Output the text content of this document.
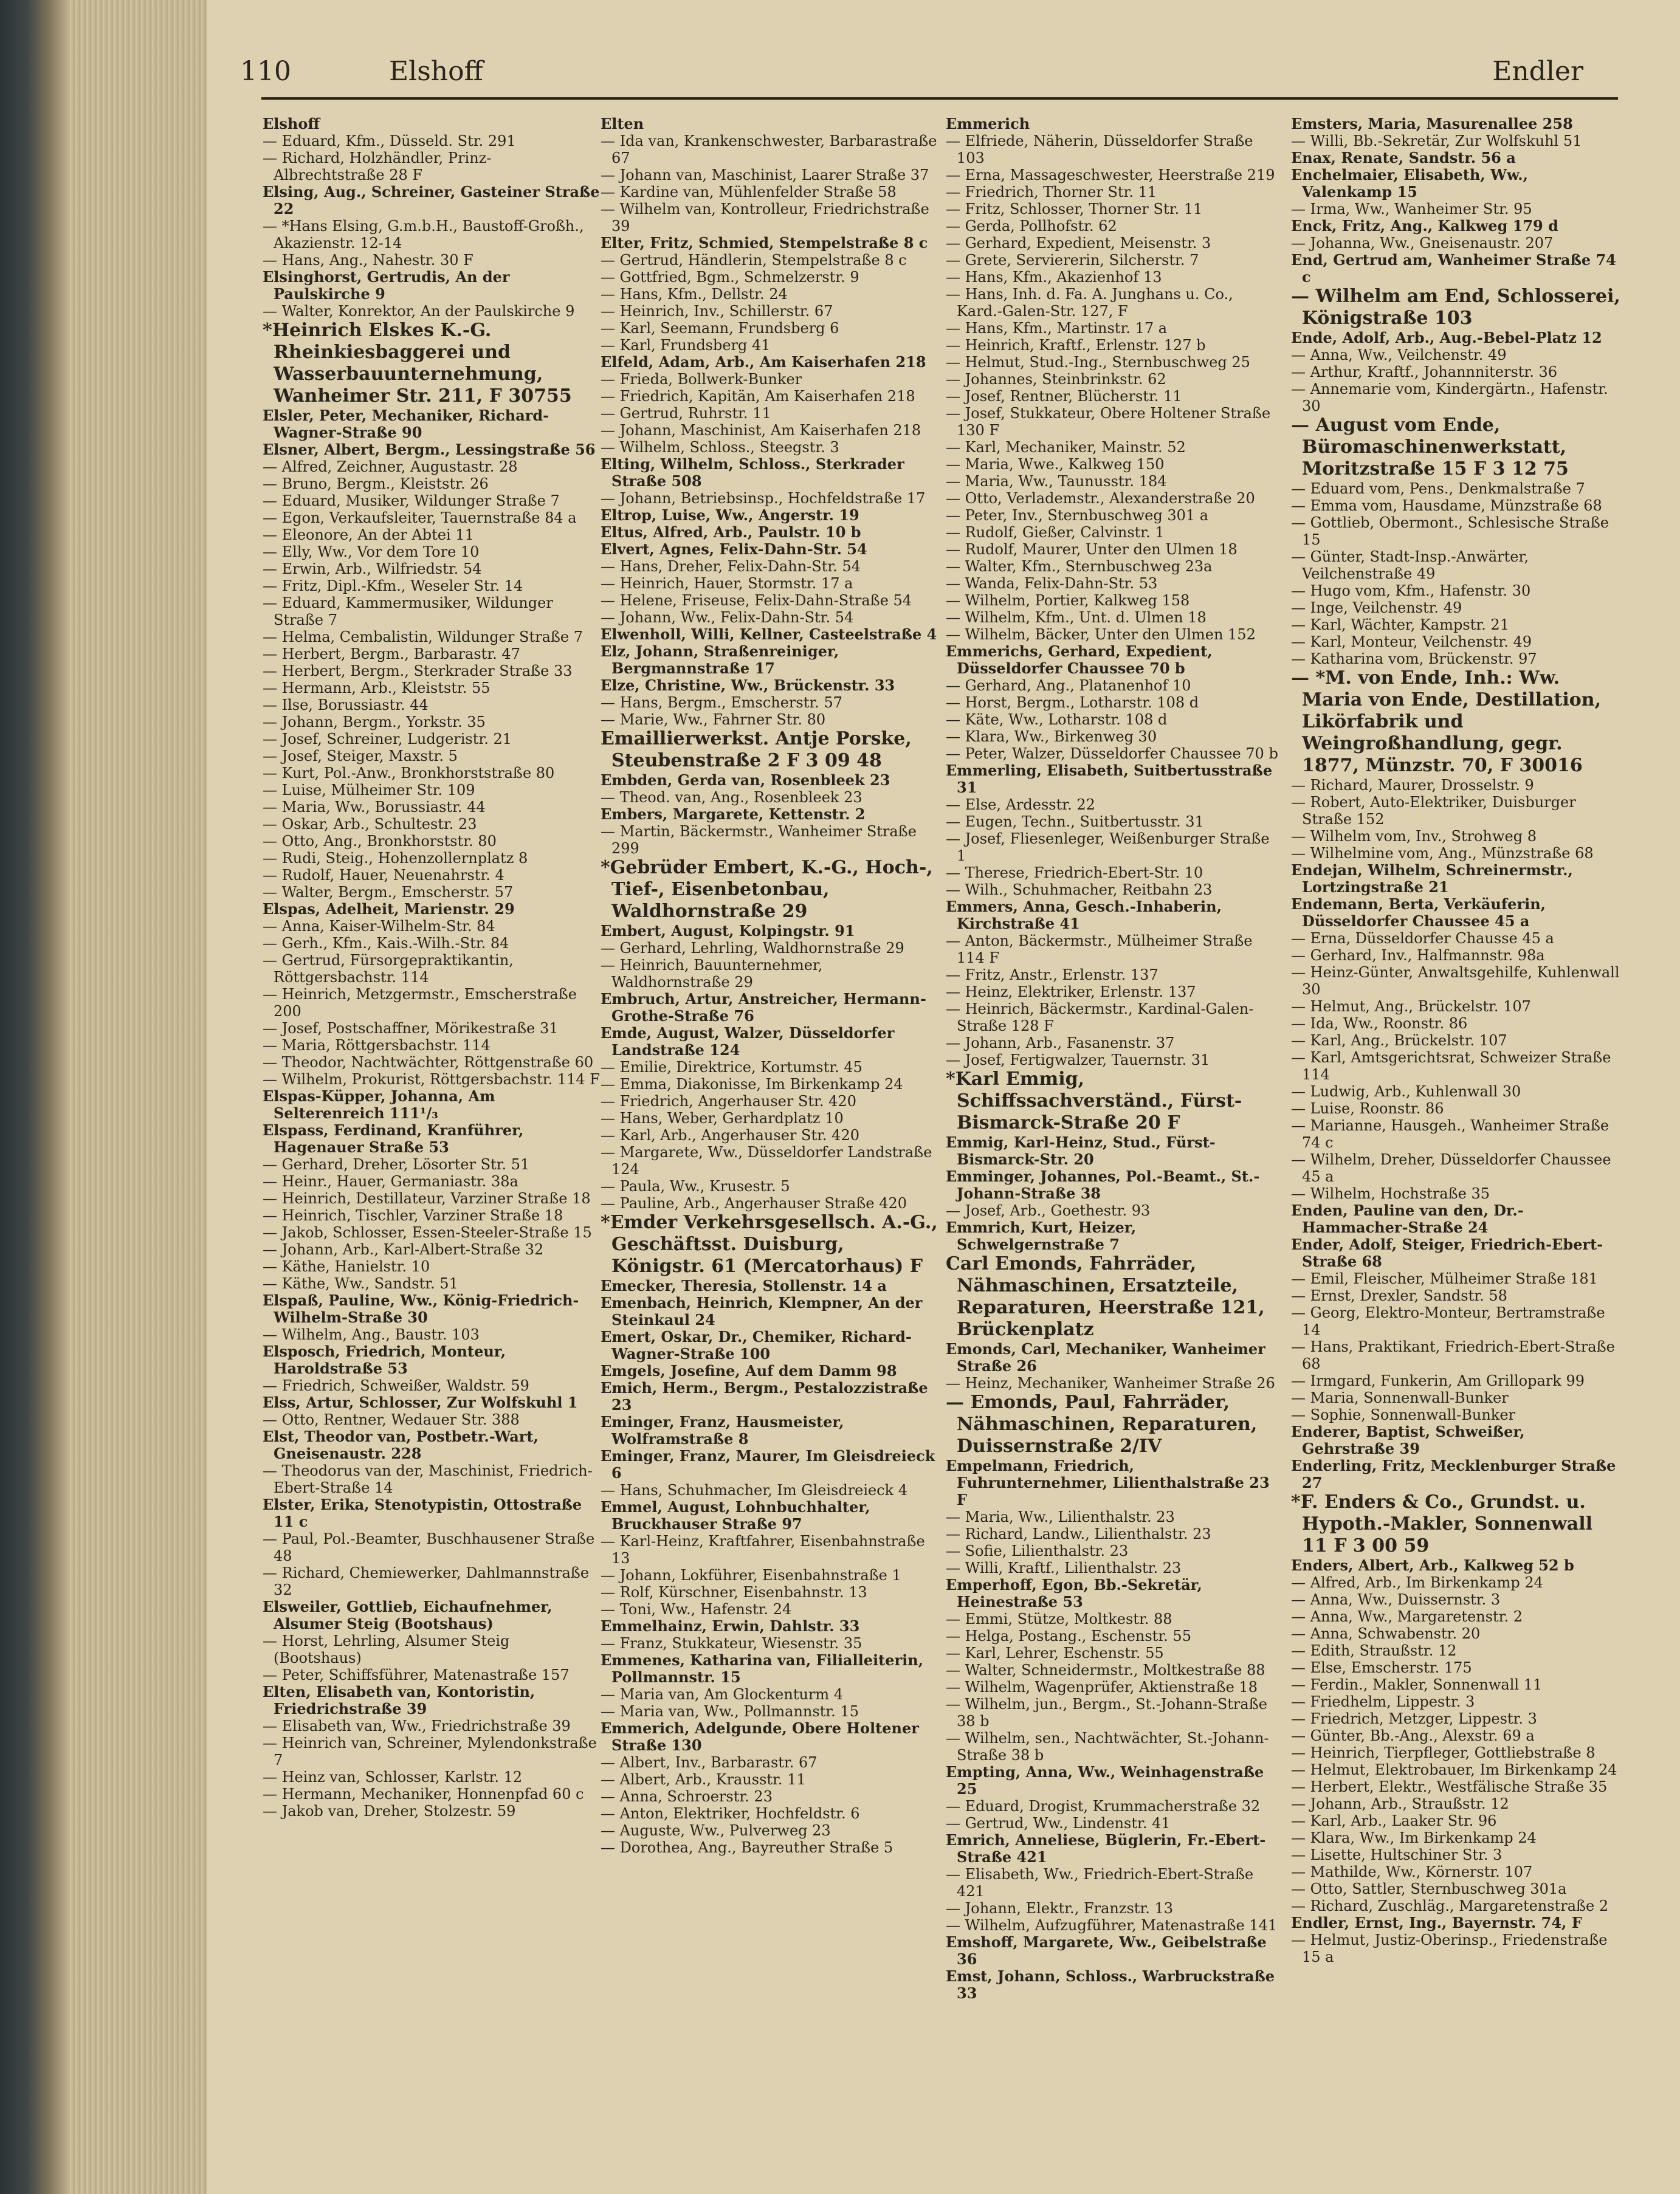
110	Elshoff	Endler

Elshoff

— Eduard, Kfm., Düsseld. Str. 291

— Richard, Holzhändler, Prinz-Albrechtstraße 28 F

Elsing, Aug., Schreiner, Gasteiner Straße 22

— *Hans Elsing, G.m.b.H., Baustoff-Großh., Akazienstr. 12-14

— Hans, Ang., Nahestr. 30 F

Elsinghorst, Gertrudis, An der Paulskirche 9

— Walter, Konrektor, An der Paulskirche 9

*Heinrich Elskes K.-G. Rheinkiesbaggerei und Wasserbauunternehmung, Wanheimer Str. 211, F 30755

Elsler, Peter, Mechaniker, Richard-Wagner-Straße 90

Elsner, Albert, Bergm., Lessingstraße 56

— Alfred, Zeichner, Augustastr. 28

— Bruno, Bergm., Kleiststr. 26

— Eduard, Musiker, Wildunger Straße 7

— Egon, Verkaufsleiter, Tauernstraße 84 a

— Eleonore, An der Abtei 11

— Elly, Ww., Vor dem Tore 10

— Erwin, Arb., Wilfriedstr. 54

— Fritz, Dipl.-Kfm., Weseler Str. 14

— Eduard, Kammermusiker, Wildunger Straße 7

— Helma, Cembalistin, Wildunger Straße 7

— Herbert, Bergm., Barbarastr. 47

— Herbert, Bergm., Sterkrader Straße 33

— Hermann, Arb., Kleiststr. 55

— Ilse, Borussiastr. 44

— Johann, Bergm., Yorkstr. 35

— Josef, Schreiner, Ludgeristr. 21

— Josef, Steiger, Maxstr. 5

— Kurt, Pol.-Anw., Bronkhorststraße 80

— Luise, Mülheimer Str. 109

— Maria, Ww., Borussiastr. 44

— Oskar, Arb., Schultestr. 23

— Otto, Ang., Bronkhorststr. 80

— Rudi, Steig., Hohenzollernplatz 8

— Rudolf, Hauer, Neuenahrstr. 4

— Walter, Bergm., Emscherstr. 57

Elspas, Adelheit, Marienstr. 29

— Anna, Kaiser-Wilhelm-Str. 84

— Gerh., Kfm., Kais.-Wilh.-Str. 84

— Gertrud, Fürsorgepraktikantin, Röttgersbachstr. 114

— Heinrich, Metzgermstr., Emscherstraße 200

— Josef, Postschaffner, Mörikestraße 31

— Maria, Röttgersbachstr. 114

— Theodor, Nachtwächter, Röttgenstraße 60

— Wilhelm, Prokurist, Röttgersbachstr. 114 F

Elspas-Küpper, Johanna, Am Selterenreich 111¹/₃

Elspass, Ferdinand, Kranführer, Hagenauer Straße 53

— Gerhard, Dreher, Lösorter Str. 51

— Heinr., Hauer, Germaniastr. 38a

— Heinrich, Destillateur, Varziner Straße 18

— Heinrich, Tischler, Varziner Straße 18

— Jakob, Schlosser, Essen-Steeler-Straße 15

— Johann, Arb., Karl-Albert-Straße 32

— Käthe, Hanielstr. 10

— Käthe, Ww., Sandstr. 51

Elspaß, Pauline, Ww., König-Friedrich-Wilhelm-Straße 30

— Wilhelm, Ang., Baustr. 103

Elsposch, Friedrich, Monteur, Haroldstraße 53

— Friedrich, Schweißer, Waldstr. 59

Elss, Artur, Schlosser, Zur Wolfskuhl 1

— Otto, Rentner, Wedauer Str. 388

Elst, Theodor van, Postbetr.-Wart, Gneisenaustr. 228

— Theodorus van der, Maschinist, Friedrich-Ebert-Straße 14

Elster, Erika, Stenotypistin, Ottostraße 11 c

— Paul, Pol.-Beamter, Buschhausener Straße 48

— Richard, Chemiewerker, Dahlmannstraße 32

Elsweiler, Gottlieb, Eichaufnehmer, Alsumer Steig (Bootshaus)

— Horst, Lehrling, Alsumer Steig (Bootshaus)

— Peter, Schiffsführer, Matenastraße 157

Elten, Elisabeth van, Kontoristin, Friedrichstraße 39

— Elisabeth van, Ww., Friedrichstraße 39

— Heinrich van, Schreiner, Mylendonkstraße 7

— Heinz van, Schlosser, Karlstr. 12

— Hermann, Mechaniker, Honnenpfad 60 c

— Jakob van, Dreher, Stolzestr. 59

Elten

— Ida van, Krankenschwester, Barbarastraße 67

— Johann van, Maschinist, Laarer Straße 37

— Kardine van, Mühlenfelder Straße 58

— Wilhelm van, Kontrolleur, Friedrichstraße 39

Elter, Fritz, Schmied, Stempelstraße 8 c

— Gertrud, Händlerin, Stempelstraße 8 c

— Gottfried, Bgm., Schmelzerstr. 9

— Hans, Kfm., Dellstr. 24

— Heinrich, Inv., Schillerstr. 67

— Karl, Seemann, Frundsberg 6

— Karl, Frundsberg 41

Elfeld, Adam, Arb., Am Kaiserhafen 218

— Frieda, Bollwerk-Bunker

— Friedrich, Kapitän, Am Kaiserhafen 218

— Gertrud, Ruhrstr. 11

— Johann, Maschinist, Am Kaiserhafen 218

— Wilhelm, Schloss., Steegstr. 3

Elting, Wilhelm, Schloss., Sterkrader Straße 508

— Johann, Betriebsinsp., Hochfeldstraße 17

Eltrop, Luise, Ww., Angerstr. 19

Eltus, Alfred, Arb., Paulstr. 10 b

Elvert, Agnes, Felix-Dahn-Str. 54

— Hans, Dreher, Felix-Dahn-Str. 54

— Heinrich, Hauer, Stormstr. 17 a

— Helene, Friseuse, Felix-Dahn-Straße 54

— Johann, Ww., Felix-Dahn-Str. 54

Elwenholl, Willi, Kellner, Casteelstraße 4

Elz, Johann, Straßenreiniger, Bergmannstraße 17

Elze, Christine, Ww., Brückenstr. 33

— Hans, Bergm., Emscherstr. 57

— Marie, Ww., Fahrner Str. 80

Emaillierwerkst. Antje Porske, Steubenstraße 2 F 3 09 48

Embden, Gerda van, Rosenbleek 23

— Theod. van, Ang., Rosenbleek 23

Embers, Margarete, Kettenstr. 2

— Martin, Bäckermstr., Wanheimer Straße 299

*Gebrüder Embert, K.-G., Hoch-, Tief-, Eisenbetonbau, Waldhornstraße 29

Embert, August, Kolpingstr. 91

— Gerhard, Lehrling, Waldhornstraße 29

— Heinrich, Bauunternehmer, Waldhornstraße 29

Embruch, Artur, Anstreicher, Hermann-Grothe-Straße 76

Emde, August, Walzer, Düsseldorfer Landstraße 124

— Emilie, Direktrice, Kortumstr. 45

— Emma, Diakonisse, Im Birkenkamp 24

— Friedrich, Angerhauser Str. 420

— Hans, Weber, Gerhardplatz 10

— Karl, Arb., Angerhauser Str. 420

— Margarete, Ww., Düsseldorfer Landstraße 124

— Paula, Ww., Krusestr. 5

— Pauline, Arb., Angerhauser Straße 420

*Emder Verkehrsgesellsch. A.-G., Geschäftsst. Duisburg, Königstr. 61 (Mercatorhaus) F

Emecker, Theresia, Stollenstr. 14 a

Emenbach, Heinrich, Klempner, An der Steinkaul 24

Emert, Oskar, Dr., Chemiker, Richard-Wagner-Straße 100

Emgels, Josefine, Auf dem Damm 98

Emich, Herm., Bergm., Pestalozzistraße 23

Eminger, Franz, Hausmeister, Wolframstraße 8

Eminger, Franz, Maurer, Im Gleisdreieck 6

— Hans, Schuhmacher, Im Gleisdreieck 4

Emmel, August, Lohnbuchhalter, Bruckhauser Straße 97

— Karl-Heinz, Kraftfahrer, Eisenbahnstraße 13

— Johann, Lokführer, Eisenbahnstraße 1

— Rolf, Kürschner, Eisenbahnstr. 13

— Toni, Ww., Hafenstr. 24

Emmelhainz, Erwin, Dahlstr. 33

— Franz, Stukkateur, Wiesenstr. 35

Emmenes, Katharina van, Filialleiterin, Pollmannstr. 15

— Maria van, Am Glockenturm 4

— Maria van, Ww., Pollmannstr. 15

Emmerich, Adelgunde, Obere Holtener Straße 130

— Albert, Inv., Barbarastr. 67

— Albert, Arb., Krausstr. 11

— Anna, Schroerstr. 23

— Anton, Elektriker, Hochfeldstr. 6

— Auguste, Ww., Pulverweg 23

— Dorothea, Ang., Bayreuther Straße 5

Emmerich

— Elfriede, Näherin, Düsseldorfer Straße 103

— Erna, Massageschwester, Heerstraße 219

— Friedrich, Thorner Str. 11

— Fritz, Schlosser, Thorner Str. 11

— Gerda, Pollhofstr. 62

— Gerhard, Expedient, Meisenstr. 3

— Grete, Serviererin, Silcherstr. 7

— Hans, Kfm., Akazienhof 13

— Hans, Inh. d. Fa. A. Junghans u. Co., Kard.-Galen-Str. 127, F

— Hans, Kfm., Martinstr. 17 a

— Heinrich, Kraftf., Erlenstr. 127 b

— Helmut, Stud.-Ing., Sternbuschweg 25

— Johannes, Steinbrinkstr. 62

— Josef, Rentner, Blücherstr. 11

— Josef, Stukkateur, Obere Holtener Straße 130 F

— Karl, Mechaniker, Mainstr. 52

— Maria, Wwe., Kalkweg 150

— Maria, Ww., Taunusstr. 184

— Otto, Verlademstr., Alexanderstraße 20

— Peter, Inv., Sternbuschweg 301 a

— Rudolf, Gießer, Calvinstr. 1

— Rudolf, Maurer, Unter den Ulmen 18

— Walter, Kfm., Sternbuschweg 23a

— Wanda, Felix-Dahn-Str. 53

— Wilhelm, Portier, Kalkweg 158

— Wilhelm, Kfm., Unt. d. Ulmen 18

— Wilhelm, Bäcker, Unter den Ulmen 152

Emmerichs, Gerhard, Expedient, Düsseldorfer Chaussee 70 b

— Gerhard, Ang., Platanenhof 10

— Horst, Bergm., Lotharstr. 108 d

— Käte, Ww., Lotharstr. 108 d

— Klara, Ww., Birkenweg 30

— Peter, Walzer, Düsseldorfer Chaussee 70 b

Emmerling, Elisabeth, Suitbertusstraße 31

— Else, Ardesstr. 22

— Eugen, Techn., Suitbertusstr. 31

— Josef, Fliesenleger, Weißenburger Straße 1

— Therese, Friedrich-Ebert-Str. 10

— Wilh., Schuhmacher, Reitbahn 23

Emmers, Anna, Gesch.-Inhaberin, Kirchstraße 41

— Anton, Bäckermstr., Mülheimer Straße 114 F

— Fritz, Anstr., Erlenstr. 137

— Heinz, Elektriker, Erlenstr. 137

— Heinrich, Bäckermstr., Kardinal-Galen-Straße 128 F

— Johann, Arb., Fasanenstr. 37

— Josef, Fertigwalzer, Tauernstr. 31

*Karl Emmig, Schiffssachverständ., Fürst-Bismarck-Straße 20 F

Emmig, Karl-Heinz, Stud., Fürst-Bismarck-Str. 20

Emminger, Johannes, Pol.-Beamt., St.-Johann-Straße 38

— Josef, Arb., Goethestr. 93

Emmrich, Kurt, Heizer, Schwelgernstraße 7

Carl Emonds, Fahrräder, Nähmaschinen, Ersatzteile, Reparaturen, Heerstraße 121, Brückenplatz

Emonds, Carl, Mechaniker, Wanheimer Straße 26

— Heinz, Mechaniker, Wanheimer Straße 26

— Emonds, Paul, Fahrräder, Nähmaschinen, Reparaturen, Duissernstraße 2/IV

Empelmann, Friedrich, Fuhrunternehmer, Lilienthalstraße 23 F

— Maria, Ww., Lilienthalstr. 23

— Richard, Landw., Lilienthalstr. 23

— Sofie, Lilienthalstr. 23

— Willi, Kraftf., Lilienthalstr. 23

Emperhoff, Egon, Bb.-Sekretär, Heinestraße 53

— Emmi, Stütze, Moltkestr. 88

— Helga, Postang., Eschenstr. 55

— Karl, Lehrer, Eschenstr. 55

— Walter, Schneidermstr., Moltkestraße 88

— Wilhelm, Wagenprüfer, Aktienstraße 18

— Wilhelm, jun., Bergm., St.-Johann-Straße 38 b

— Wilhelm, sen., Nachtwächter, St.-Johann-Straße 38 b

Empting, Anna, Ww., Weinhagenstraße 25

— Eduard, Drogist, Krummacherstraße 32

— Gertrud, Ww., Lindenstr. 41

Emrich, Anneliese, Büglerin, Fr.-Ebert-Straße 421

— Elisabeth, Ww., Friedrich-Ebert-Straße 421

— Johann, Elektr., Franzstr. 13

— Wilhelm, Aufzugführer, Matenastraße 141

Emshoff, Margarete, Ww., Geibelstraße 36

Emst, Johann, Schloss., Warbruckstraße 33

Emsters, Maria, Masurenallee 258

— Willi, Bb.-Sekretär, Zur Wolfskuhl 51

Enax, Renate, Sandstr. 56 a

Enchelmaier, Elisabeth, Ww., Valenkamp 15

— Irma, Ww., Wanheimer Str. 95

Enck, Fritz, Ang., Kalkweg 179 d

— Johanna, Ww., Gneisenaustr. 207

End, Gertrud am, Wanheimer Straße 74 c

— Wilhelm am End, Schlosserei, Königstraße 103

Ende, Adolf, Arb., Aug.-Bebel-Platz 12

— Anna, Ww., Veilchenstr. 49

— Arthur, Kraftf., Johannniterstr. 36

— Annemarie vom, Kindergärtn., Hafenstr. 30

— August vom Ende, Büromaschinenwerkstatt, Moritzstraße 15 F 3 12 75

— Eduard vom, Pens., Denkmalstraße 7

— Emma vom, Hausdame, Münzstraße 68

— Gottlieb, Obermont., Schlesische Straße 15

— Günter, Stadt-Insp.-Anwärter, Veilchenstraße 49

— Hugo vom, Kfm., Hafenstr. 30

— Inge, Veilchenstr. 49

— Karl, Wächter, Kampstr. 21

— Karl, Monteur, Veilchenstr. 49

— Katharina vom, Brückenstr. 97

— *M. von Ende, Inh.: Ww. Maria von Ende, Destillation, Likörfabrik und Weingroßhandlung, gegr. 1877, Münzstr. 70, F 30016

— Richard, Maurer, Drosselstr. 9

— Robert, Auto-Elektriker, Duisburger Straße 152

— Wilhelm vom, Inv., Strohweg 8

— Wilhelmine vom, Ang., Münzstraße 68

Endejan, Wilhelm, Schreinermstr., Lortzingstraße 21

Endemann, Berta, Verkäuferin, Düsseldorfer Chaussee 45 a

— Erna, Düsseldorfer Chausse 45 a

— Gerhard, Inv., Halfmannstr. 98a

— Heinz-Günter, Anwaltsgehilfe, Kuhlenwall 30

— Helmut, Ang., Brückelstr. 107

— Ida, Ww., Roonstr. 86

— Karl, Ang., Brückelstr. 107

— Karl, Amtsgerichtsrat, Schweizer Straße 114

— Ludwig, Arb., Kuhlenwall 30

— Luise, Roonstr. 86

— Marianne, Hausgeh., Wanheimer Straße 74 c

— Wilhelm, Dreher, Düsseldorfer Chaussee 45 a

— Wilhelm, Hochstraße 35

Enden, Pauline van den, Dr.-Hammacher-Straße 24

Ender, Adolf, Steiger, Friedrich-Ebert-Straße 68

— Emil, Fleischer, Mülheimer Straße 181

— Ernst, Drexler, Sandstr. 58

— Georg, Elektro-Monteur, Bertramstraße 14

— Hans, Praktikant, Friedrich-Ebert-Straße 68

— Irmgard, Funkerin, Am Grillopark 99

— Maria, Sonnenwall-Bunker

— Sophie, Sonnenwall-Bunker

Enderer, Baptist, Schweißer, Gehrstraße 39

Enderling, Fritz, Mecklenburger Straße 27

*F. Enders & Co., Grundst. u. Hypoth.-Makler, Sonnenwall 11 F 3 00 59

Enders, Albert, Arb., Kalkweg 52 b

— Alfred, Arb., Im Birkenkamp 24

— Anna, Ww., Duissernstr. 3

— Anna, Ww., Margaretenstr. 2

— Anna, Schwabenstr. 20

— Edith, Straußstr. 12

— Else, Emscherstr. 175

— Ferdin., Makler, Sonnenwall 11

— Friedhelm, Lippestr. 3

— Friedrich, Metzger, Lippestr. 3

— Günter, Bb.-Ang., Alexstr. 69 a

— Heinrich, Tierpfleger, Gottliebstraße 8

— Helmut, Elektrobauer, Im Birkenkamp 24

— Herbert, Elektr., Westfälische Straße 35

— Johann, Arb., Straußstr. 12

— Karl, Arb., Laaker Str. 96

— Klara, Ww., Im Birkenkamp 24

— Lisette, Hultschiner Str. 3

— Mathilde, Ww., Körnerstr. 107

— Otto, Sattler, Sternbuschweg 301a

— Richard, Zuschläg., Margaretenstraße 2

Endler, Ernst, Ing., Bayernstr. 74, F

— Helmut, Justiz-Oberinsp., Friedenstraße 15 a
